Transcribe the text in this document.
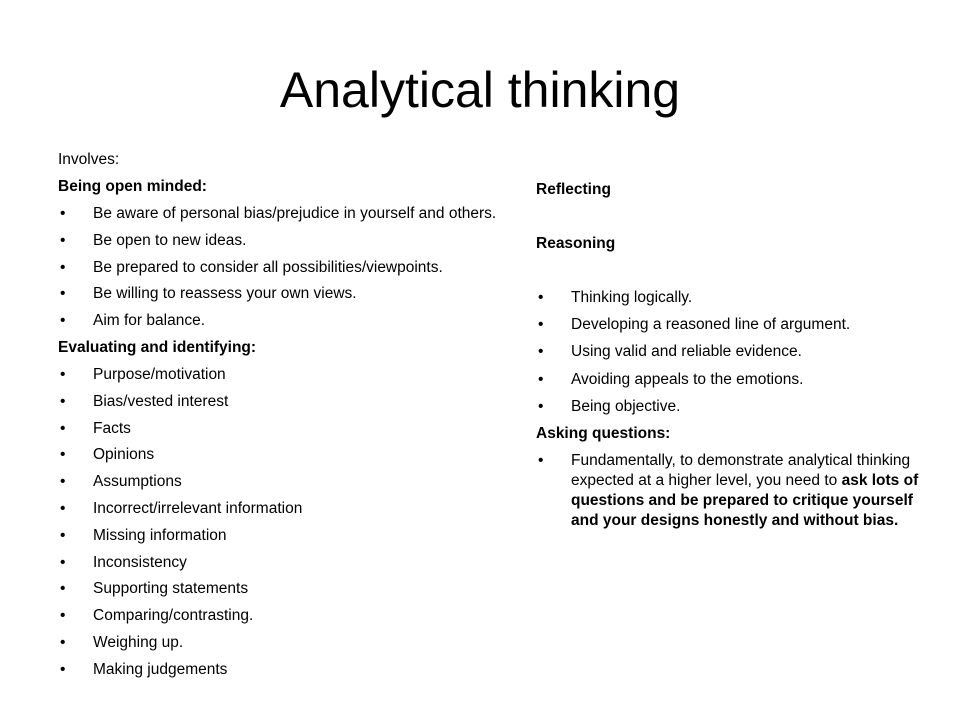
Analytical thinking

Involves:

Being open minded:

• Be aware of personal bias/prejudice in yourself and others.
• Be open to new ideas.
• Be prepared to consider all possibilities/viewpoints.
• Be willing to reassess your own views.
• Aim for balance.

Evaluating and identifying:

• Purpose/motivation
• Bias/vested interest
• Facts
• Opinions
• Assumptions
• Incorrect/irrelevant information
• Missing information
• Inconsistency
• Supporting statements
• Comparing/contrasting.
• Weighing up.
• Making judgements

Reflecting

Reasoning

• Thinking logically.
• Developing a reasoned line of argument.
• Using valid and reliable evidence.
• Avoiding appeals to the emotions.
• Being objective.

Asking questions:

• Fundamentally, to demonstrate analytical thinking expected at a higher level, you need to ask lots of questions and be prepared to critique yourself and your designs honestly and without bias.
